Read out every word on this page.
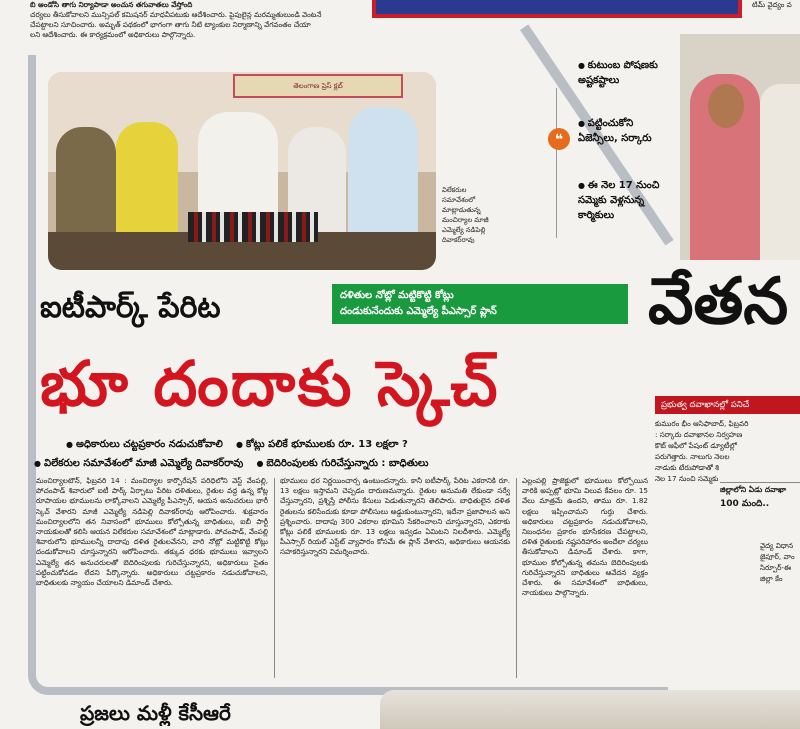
బి అండోసి తాగు నిర్యాపాడా అంచున తగువాతలు వేస్తోంది
చర్యలు తీసుకోవాలని మున్సిపల్ కమిషనర్ మాధవీపటుకు ఆదేశించారు. పైపులైన్ల మరమ్మతులుండి వెంటనే
చేపట్టాలని సూచించారు. అమృత్ పథకంలో భాగంగా తాగు నీటి ట్యాంకుల నిర్మాణాన్ని వేగవంతం చేయా
లని ఆదేశించారు. ఈ కార్యక్రమంలో అధికారులు పాల్గొన్నారు.
టిమ్ వైద్యం వ
తెలంగాణ ప్రెస్ క్లబ్
విలేకరుల
సమావేశంలో
మాట్లాడుతున్న
మంచిర్యాల మాజీ
ఎమ్మెల్యే నడిపెల్లి
దివాకర్‌రావు
❝
● కుటుంబ పోషణకు అష్టకష్టాలు
● పట్టించుకోని ఏజెన్సీలు, సర్కారు
● ఈ నెల 17 నుంచి సమ్మెకు వెళ్లనున్న కార్మికులు
వేతన
ప్రభుత్వ దవాఖానల్లో పనిచే
కుమురం భీం ఆసిఫాబాద్, ఫిబ్రవరి
: సర్కారు దవాఖానల నిర్వహణ
కొట్ ఆఫీలో పేషంట్ డ్యూటీల్లో
పరుగెత్తారు. నాలుగు నెలల
నాడుకు టేరుపోడాతో శి
నెల 17 నుంచి సమ్మెకు
జిల్లాలోని ఏడు దవాఖా
100 మంది..
వైద్య విధాన
జైపూర్, వాం
సిర్పూర్-ఈ
జిల్లా కేం
ఐటీపార్క్ పేరిట	దళితుల నోట్లో మట్టికొట్టి కోట్లు
దండుకునేందుకు ఎమ్మెల్యే పీఎస్సార్ ప్లాన్
భూ దందాకు స్కెచ్
● అధికారులు చట్టప్రకారం నడుచుకోవాలి ● కోట్లు పలికే భూములకు రూ. 13 లక్షలా ?
● విలేకరుల సమావేశంలో మాజీ ఎమ్మెల్యే దివాకర్‌రావు ● బెదిరింపులకు గురిచేస్తున్నారు : బాధితులు
మంచిర్యాలటౌన్, ఫిబ్రవరి 14 : మంచిర్యాల కార్పొరేషన్ పరిధిలోని వెస్ట్ వేంపల్లి, పోచంపాడ్ శివారులో ఐటీ పార్క్ ఏర్పాటు పేరిట దళితులు, రైతుల వద్ద ఉన్న కోట్ల రూపాయల భూములను లాక్కోవాలని ఎమ్మెల్యే పీఎస్సార్, ఆయన అనుచరులు భారీ స్కెచ్ వేశారని మాజీ ఎమ్మెల్యే నడిపెల్లి దివాకర్‌రావు ఆరోపించారు. శుక్రవారం మంచిర్యాలలోని తన నివాసంలో భూములు కోల్పోతున్న బాధితులు, ఐబీ పార్టీ నాయకులతో కలిసి ఆయన విలేకరుల సమావేశంలో మాట్లాడారు. పోచంపాడ్, వేంపల్లి శివారులోని భూములన్నీ దాదాపు దళిత రైతులవేనని, వారి నోట్లో మట్టికొట్టి కోట్లు దండుకోవాలని చూస్తున్నారని ఆరోపించారు. తక్కువ ధరకు భూములు ఇవ్వాలని ఎమ్మెల్యే తన అనుచరులతో బెదిరింపులకు గురిచేస్తున్నారని, అధికారులు సైతం పట్టించుకోవడం లేదని పేర్కొన్నారు. అధికారులు చట్టప్రకారం నడుచుకోవాలని, బాధితులకు న్యాయం చేయాలని డిమాండ్ చేశారు.
భూములు ధర నిర్ణయించార్స ఉంటుందన్నారు. కానీ ఐటీపార్క్ పేరిట ఎకరానికి రూ. 13 లక్షలు ఇస్తామని చెప్పడం దారుణమన్నారు. రైతుల అనుమతి లేకుండా సర్వే చేస్తున్నారని, ప్రశ్నిస్తే పోలీసు కేసులు పెడుతున్నారని తెలిపారు. బాధితులైన దళిత రైతులను కలిసేందుకు కూడా పోలీసులు అడ్డుకుంటున్నారని, ఇదేనా ప్రజాపాలన అని ప్రశ్నించారు. దాదాపు 300 ఎకరాల భూమిని సేకరించాలని చూస్తున్నారని, ఎకరాకు కోట్లు పలికే భూములకు రూ. 13 లక్షలు ఇవ్వడం ఏమిటని నిలదీశారు. ఎమ్మెల్యే పీఎస్సార్ రియల్ ఎస్టేట్ వ్యాపారం కోసమే ఈ ప్లాన్ వేశారని, అధికారులు ఆయనకు సహకరిస్తున్నారని విమర్శించారు.
ఎల్లంపల్లి ప్రాజెక్టులో భూములు కోల్పోయిన వారికి అప్పట్లో భూమి విలువ కేవలం రూ. 15 వేలు మాత్రమే ఉందని, తాము రూ. 1.82 లక్షలు ఇప్పించామని గుర్తు చేశారు. అధికారులు చట్టప్రకారం నడుచుకోవాలని, నిబంధనల ప్రకారం భూసేకరణ చేపట్టాలని, దళిత రైతులకు నష్టపరిహారం అందేలా చర్యలు తీసుకోవాలని డిమాండ్ చేశారు. కాగా, భూముల కోల్పోతున్న తమను బెదిరింపులకు గురిచేస్తున్నారని బాధితులు ఆవేదన వ్యక్తం చేశారు. ఈ సమావేశంలో బాధితులు, నాయకులు పాల్గొన్నారు.
ప్రజలు మళ్లీ కేసీఆరే
